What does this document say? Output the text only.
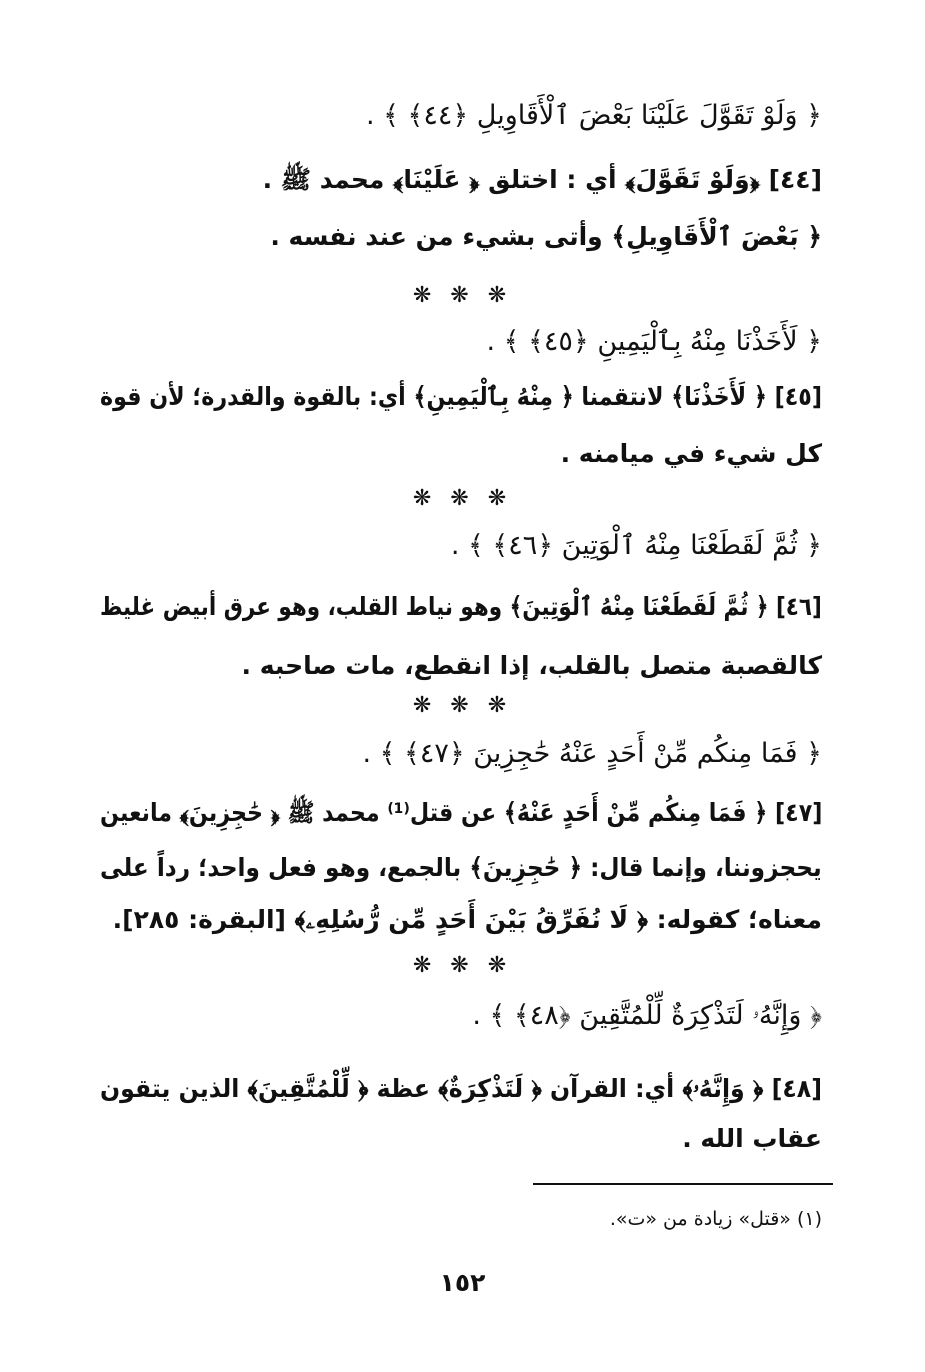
﴿ وَلَوْ تَقَوَّلَ عَلَيْنَا بَعْضَ ٱلْأَقَاوِيلِ ﴿٤٤﴾ ﴾ .
[٤٤] ﴿وَلَوْ تَقَوَّلَ﴾ أي : اختلق ﴿ عَلَيْنَا﴾ محمد ﷺ .
﴿ بَعْضَ ٱلْأَقَاوِيلِ﴾ وأتى بشيء من عند نفسه .
❋ ❋ ❋
﴿ لَأَخَذْنَا مِنْهُ بِٱلْيَمِينِ ﴿٤٥﴾ ﴾ .
[٤٥] ﴿ لَأَخَذْنَا﴾ لانتقمنا ﴿ مِنْهُ بِٱلْيَمِينِ﴾ أي: بالقوة والقدرة؛ لأن قوة
كل شيء في ميامنه .
❋ ❋ ❋
﴿ ثُمَّ لَقَطَعْنَا مِنْهُ ٱلْوَتِينَ ﴿٤٦﴾ ﴾ .
[٤٦] ﴿ ثُمَّ لَقَطَعْنَا مِنْهُ ٱلْوَتِينَ﴾ وهو نياط القلب، وهو عرق أبيض غليظ
كالقصبة متصل بالقلب، إذا انقطع، مات صاحبه .
❋ ❋ ❋
﴿ فَمَا مِنكُم مِّنْ أَحَدٍ عَنْهُ حَٰجِزِينَ ﴿٤٧﴾ ﴾ .
[٤٧] ﴿ فَمَا مِنكُم مِّنْ أَحَدٍ عَنْهُ﴾ عن قتل⁽¹⁾ محمد ﷺ ﴿ حَٰجِزِينَ﴾ مانعين
يحجزوننا، وإنما قال: ﴿ حَٰجِزِينَ﴾ بالجمع، وهو فعل واحد؛ رداً على
معناه؛ كقوله: ﴿ لَا نُفَرِّقُ بَيْنَ أَحَدٍ مِّن رُّسُلِهِۦ﴾ [البقرة: ٢٨٥].
❋ ❋ ❋
﴿ وَإِنَّهُۥ لَتَذْكِرَةٌ لِّلْمُتَّقِينَ ﴿٤٨﴾ ﴾ .
[٤٨] ﴿ وَإِنَّهُۥ﴾ أي: القرآن ﴿ لَتَذْكِرَةٌ﴾ عظة ﴿ لِّلْمُتَّقِينَ﴾ الذين يتقون
عقاب الله .
(١) «قتل» زيادة من «ت».
١٥٢
